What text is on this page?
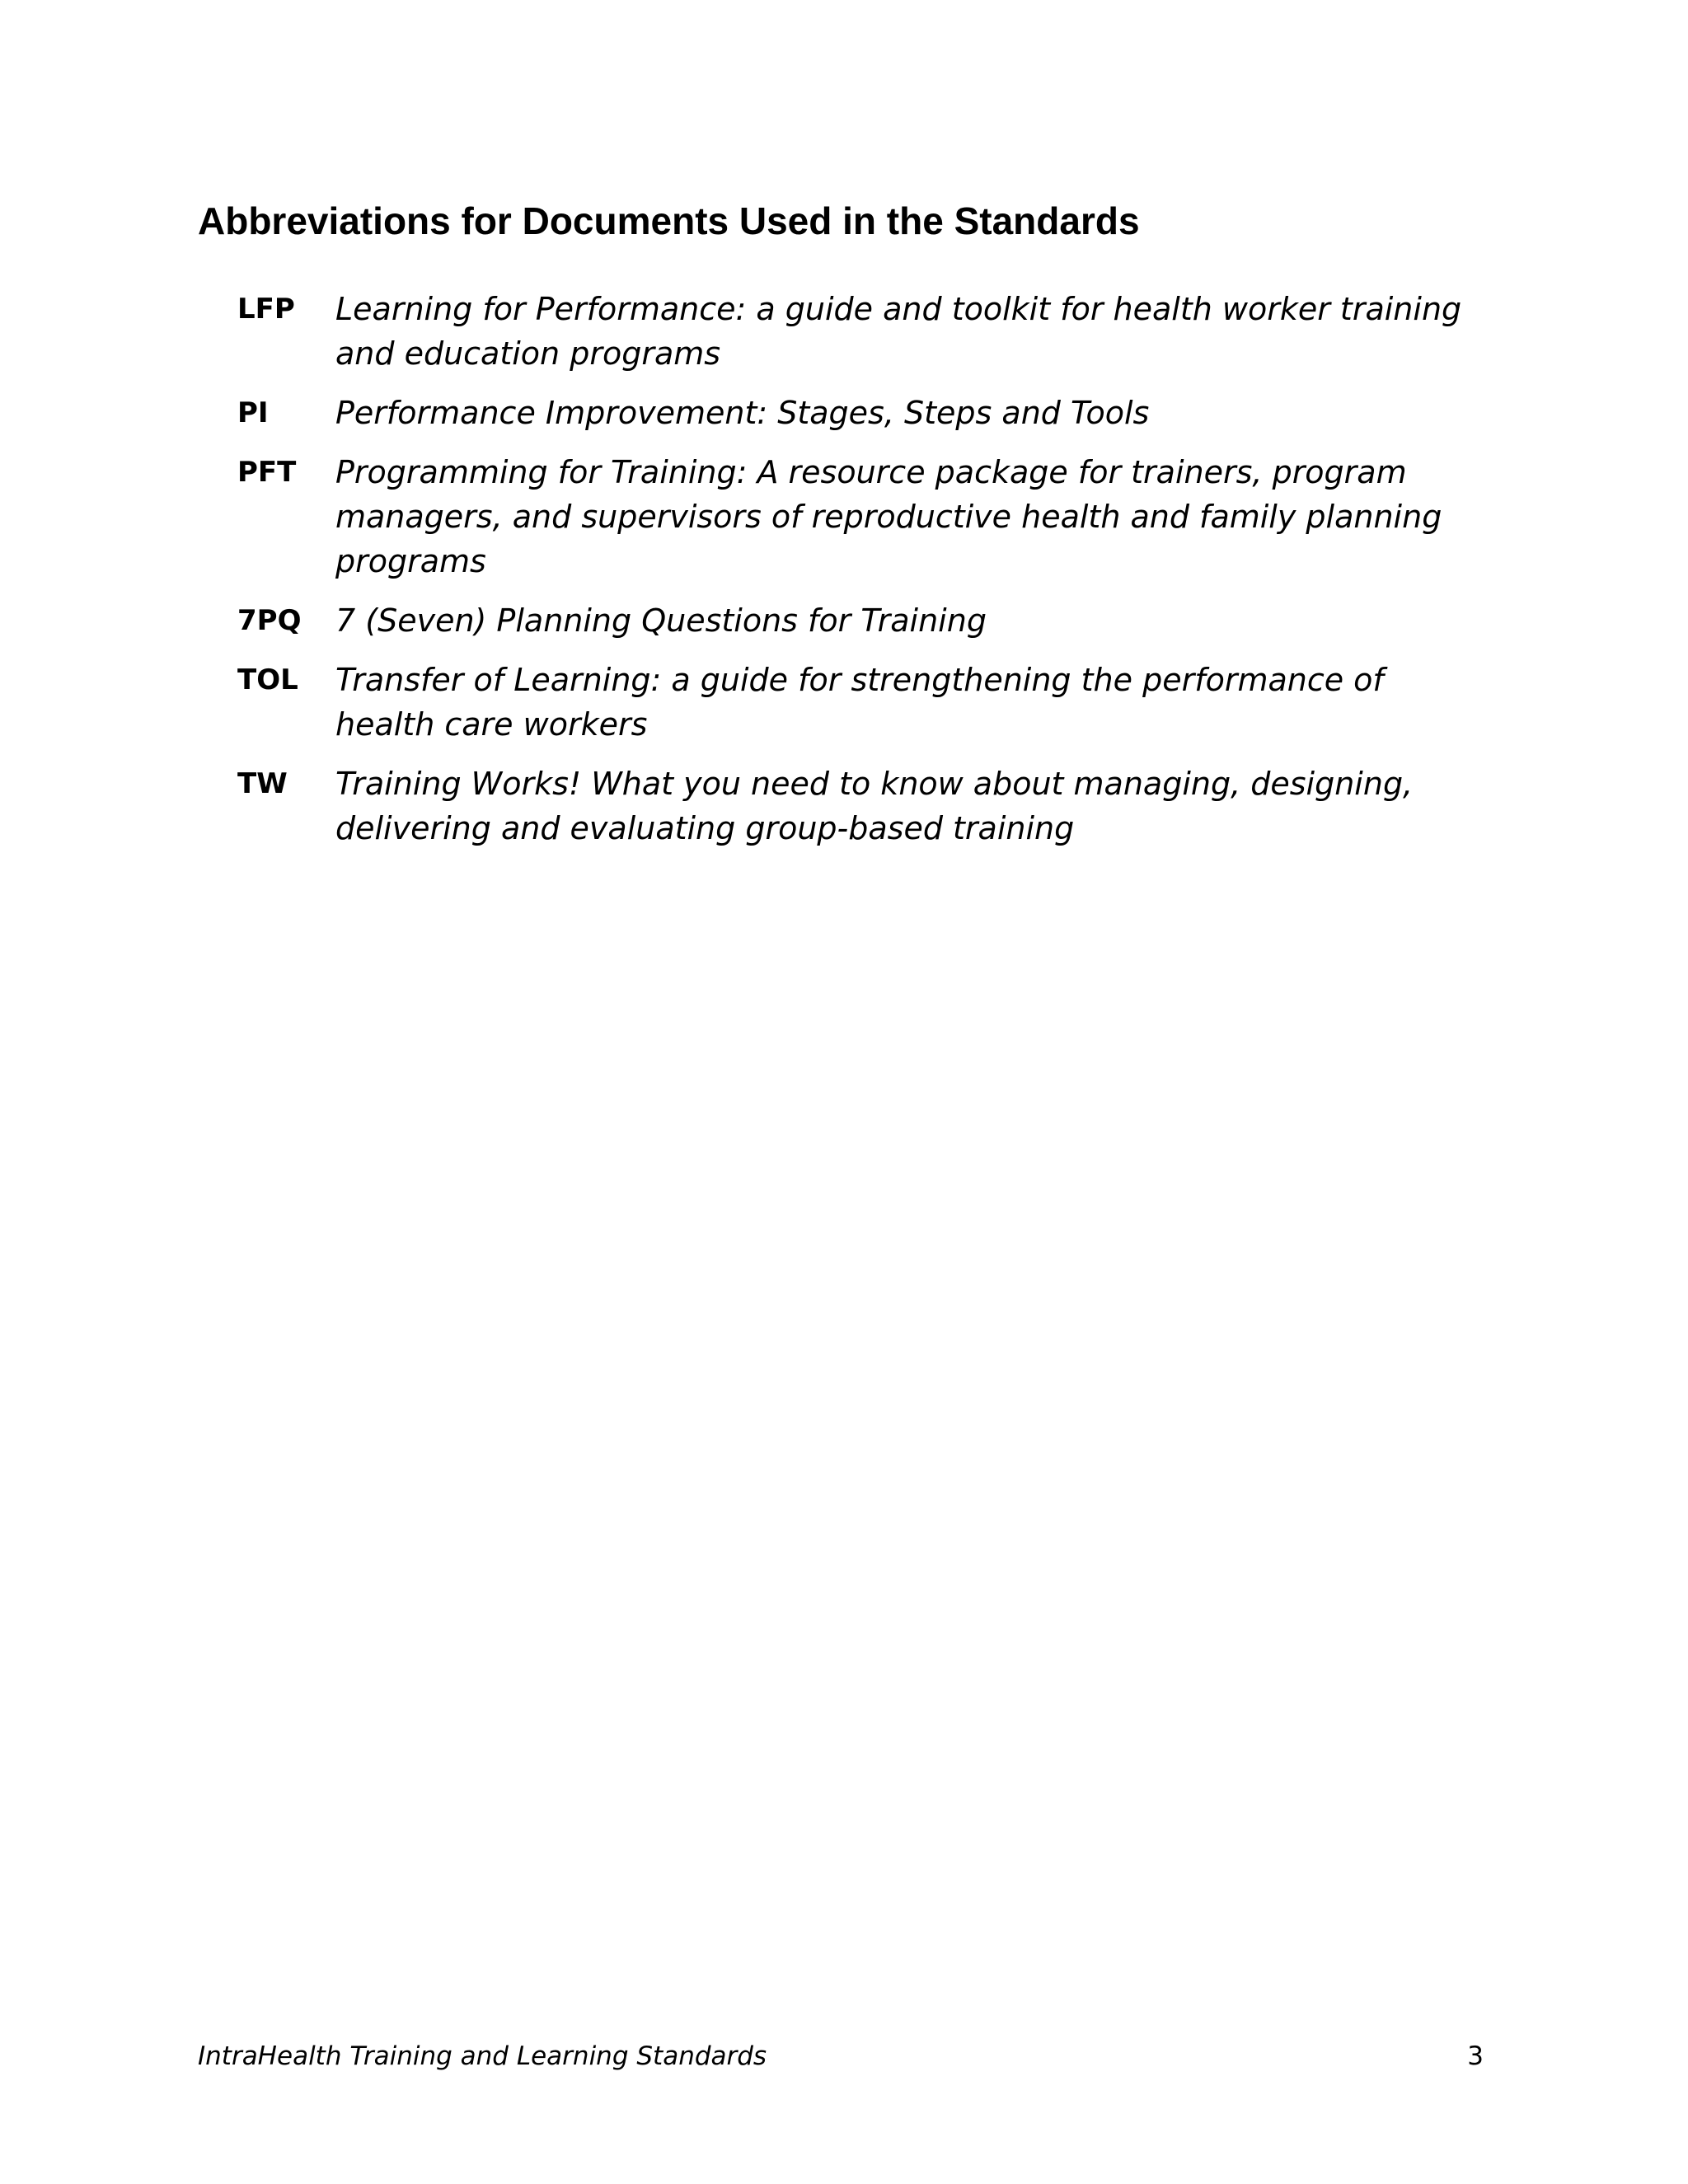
Abbreviations for Documents Used in the Standards
LFP	Learning for Performance: a guide and toolkit for health worker training and education programs
PI	Performance Improvement: Stages, Steps and Tools
PFT	Programming for Training: A resource package for trainers, program managers, and supervisors of reproductive health and family planning programs
7PQ	7 (Seven) Planning Questions for Training
TOL	Transfer of Learning: a guide for strengthening the performance of health care workers
TW	Training Works! What you need to know about managing, designing, delivering and evaluating group-based training
IntraHealth Training and Learning Standards	3
